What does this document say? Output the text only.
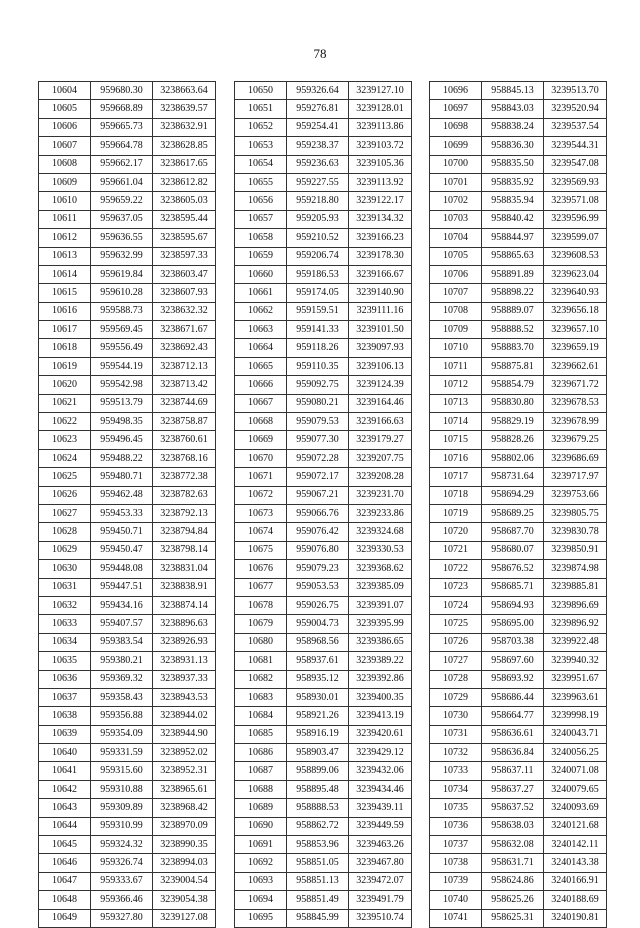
78
10604	959680.30	3238663.64
10605	959668.89	3238639.57
10606	959665.73	3238632.91
10607	959664.78	3238628.85
10608	959662.17	3238617.65
10609	959661.04	3238612.82
10610	959659.22	3238605.03
10611	959637.05	3238595.44
10612	959636.55	3238595.67
10613	959632.99	3238597.33
10614	959619.84	3238603.47
10615	959610.28	3238607.93
10616	959588.73	3238632.32
10617	959569.45	3238671.67
10618	959556.49	3238692.43
10619	959544.19	3238712.13
10620	959542.98	3238713.42
10621	959513.79	3238744.69
10622	959498.35	3238758.87
10623	959496.45	3238760.61
10624	959488.22	3238768.16
10625	959480.71	3238772.38
10626	959462.48	3238782.63
10627	959453.33	3238792.13
10628	959450.71	3238794.84
10629	959450.47	3238798.14
10630	959448.08	3238831.04
10631	959447.51	3238838.91
10632	959434.16	3238874.14
10633	959407.57	3238896.63
10634	959383.54	3238926.93
10635	959380.21	3238931.13
10636	959369.32	3238937.33
10637	959358.43	3238943.53
10638	959356.88	3238944.02
10639	959354.09	3238944.90
10640	959331.59	3238952.02
10641	959315.60	3238952.31
10642	959310.88	3238965.61
10643	959309.89	3238968.42
10644	959310.99	3238970.09
10645	959324.32	3238990.35
10646	959326.74	3238994.03
10647	959333.67	3239004.54
10648	959366.46	3239054.38
10649	959327.80	3239127.08
10650	959326.64	3239127.10
10651	959276.81	3239128.01
10652	959254.41	3239113.86
10653	959238.37	3239103.72
10654	959236.63	3239105.36
10655	959227.55	3239113.92
10656	959218.80	3239122.17
10657	959205.93	3239134.32
10658	959210.52	3239166.23
10659	959206.74	3239178.30
10660	959186.53	3239166.67
10661	959174.05	3239140.90
10662	959159.51	3239111.16
10663	959141.33	3239101.50
10664	959118.26	3239097.93
10665	959110.35	3239106.13
10666	959092.75	3239124.39
10667	959080.21	3239164.46
10668	959079.53	3239166.63
10669	959077.30	3239179.27
10670	959072.28	3239207.75
10671	959072.17	3239208.28
10672	959067.21	3239231.70
10673	959066.76	3239233.86
10674	959076.42	3239324.68
10675	959076.80	3239330.53
10676	959079.23	3239368.62
10677	959053.53	3239385.09
10678	959026.75	3239391.07
10679	959004.73	3239395.99
10680	958968.56	3239386.65
10681	958937.61	3239389.22
10682	958935.12	3239392.86
10683	958930.01	3239400.35
10684	958921.26	3239413.19
10685	958916.19	3239420.61
10686	958903.47	3239429.12
10687	958899.06	3239432.06
10688	958895.48	3239434.46
10689	958888.53	3239439.11
10690	958862.72	3239449.59
10691	958853.96	3239463.26
10692	958851.05	3239467.80
10693	958851.13	3239472.07
10694	958851.49	3239491.79
10695	958845.99	3239510.74
10696	958845.13	3239513.70
10697	958843.03	3239520.94
10698	958838.24	3239537.54
10699	958836.30	3239544.31
10700	958835.50	3239547.08
10701	958835.92	3239569.93
10702	958835.94	3239571.08
10703	958840.42	3239596.99
10704	958844.97	3239599.07
10705	958865.63	3239608.53
10706	958891.89	3239623.04
10707	958898.22	3239640.93
10708	958889.07	3239656.18
10709	958888.52	3239657.10
10710	958883.70	3239659.19
10711	958875.81	3239662.61
10712	958854.79	3239671.72
10713	958830.80	3239678.53
10714	958829.19	3239678.99
10715	958828.26	3239679.25
10716	958802.06	3239686.69
10717	958731.64	3239717.97
10718	958694.29	3239753.66
10719	958689.25	3239805.75
10720	958687.70	3239830.78
10721	958680.07	3239850.91
10722	958676.52	3239874.98
10723	958685.71	3239885.81
10724	958694.93	3239896.69
10725	958695.00	3239896.92
10726	958703.38	3239922.48
10727	958697.60	3239940.32
10728	958693.92	3239951.67
10729	958686.44	3239963.61
10730	958664.77	3239998.19
10731	958636.61	3240043.71
10732	958636.84	3240056.25
10733	958637.11	3240071.08
10734	958637.27	3240079.65
10735	958637.52	3240093.69
10736	958638.03	3240121.68
10737	958632.08	3240142.11
10738	958631.71	3240143.38
10739	958624.86	3240166.91
10740	958625.26	3240188.69
10741	958625.31	3240190.81
